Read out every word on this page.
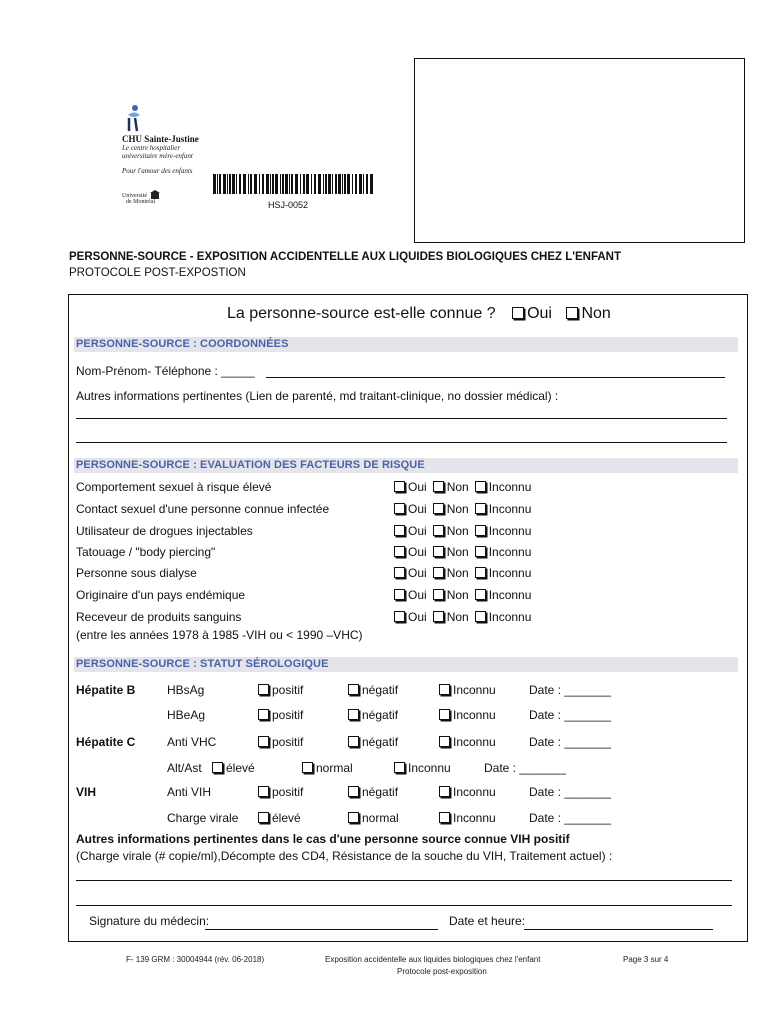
CHU Sainte-Justine
Le centre hospitalier
universitaire mère-enfant
Pour l'amour des enfants
Université
de Montréal	HSJ-0052
PERSONNE-SOURCE - EXPOSITION ACCIDENTELLE AUX LIQUIDES BIOLOGIQUES CHEZ L'ENFANT
PROTOCOLE POST-EXPOSTION
La personne-source est-elle connue ? Oui Non
PERSONNE-SOURCE : COORDONNÉES
Nom-Prénom- Téléphone : _____
Autres informations pertinentes (Lien de parenté, md traitant-clinique, no dossier médical) :
PERSONNE-SOURCE : EVALUATION DES FACTEURS DE RISQUE
Comportement sexuel à risque élevé	Oui Non Inconnu
Contact sexuel d'une personne connue infectée	Oui Non Inconnu
Utilisateur de drogues injectables	Oui Non Inconnu
Tatouage / "body piercing"	Oui Non Inconnu
Personne sous dialyse	Oui Non Inconnu
Originaire d'un pays endémique	Oui Non Inconnu
Receveur de produits sanguins	Oui Non Inconnu
(entre les années 1978 à 1985 -VIH ou < 1990 –VHC)
PERSONNE-SOURCE : STATUT SÉROLOGIQUE
Hépatite B	HBsAg	positif	négatif	Inconnu	Date : _______
HBeAg	positif	négatif	Inconnu	Date : _______
Hépatite C	Anti VHC	positif	négatif	Inconnu	Date : _______
Alt/Ast	élevé	normal	Inconnu	Date : _______
VIH	Anti VIH	positif	négatif	Inconnu	Date : _______
Charge virale	élevé	normal	Inconnu	Date : _______
Autres informations pertinentes dans le cas d'une personne source connue VIH positif
(Charge virale (# copie/ml),Décompte des CD4, Résistance de la souche du VIH, Traitement actuel) :
Signature du médecin:	Date et heure:
F- 139 GRM : 30004944 (rév. 06-2018)	Exposition accidentelle aux liquides biologiques chez l'enfant
Protocole post-exposition
Page 3 sur 4
